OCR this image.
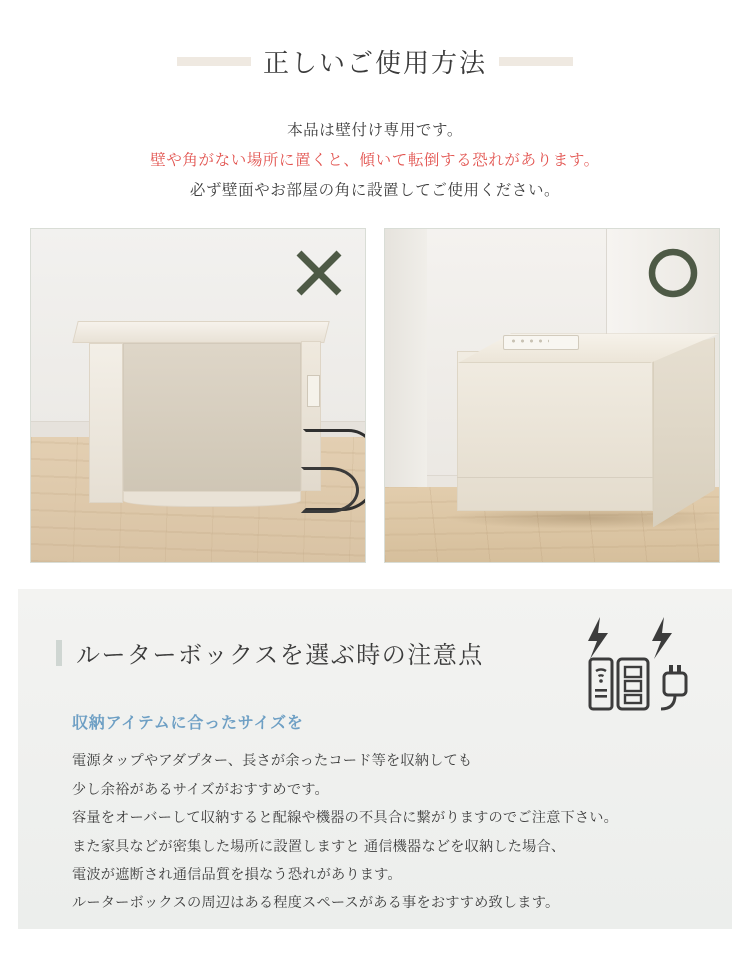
正しいご使用方法
本品は壁付け専用です。
壁や角がない場所に置くと、傾いて転倒する恐れがあります。
必ず壁面やお部屋の角に設置してご使用ください。
ルーターボックスを選ぶ時の注意点
収納アイテムに合ったサイズを
電源タップやアダプター、長さが余ったコード等を収納しても
少し余裕があるサイズがおすすめです。
容量をオーバーして収納すると配線や機器の不具合に繋がりますのでご注意下さい。
また家具などが密集した場所に設置しますと 通信機器などを収納した場合、
電波が遮断され通信品質を損なう恐れがあります。
ルーターボックスの周辺はある程度スペースがある事をおすすめ致します。
